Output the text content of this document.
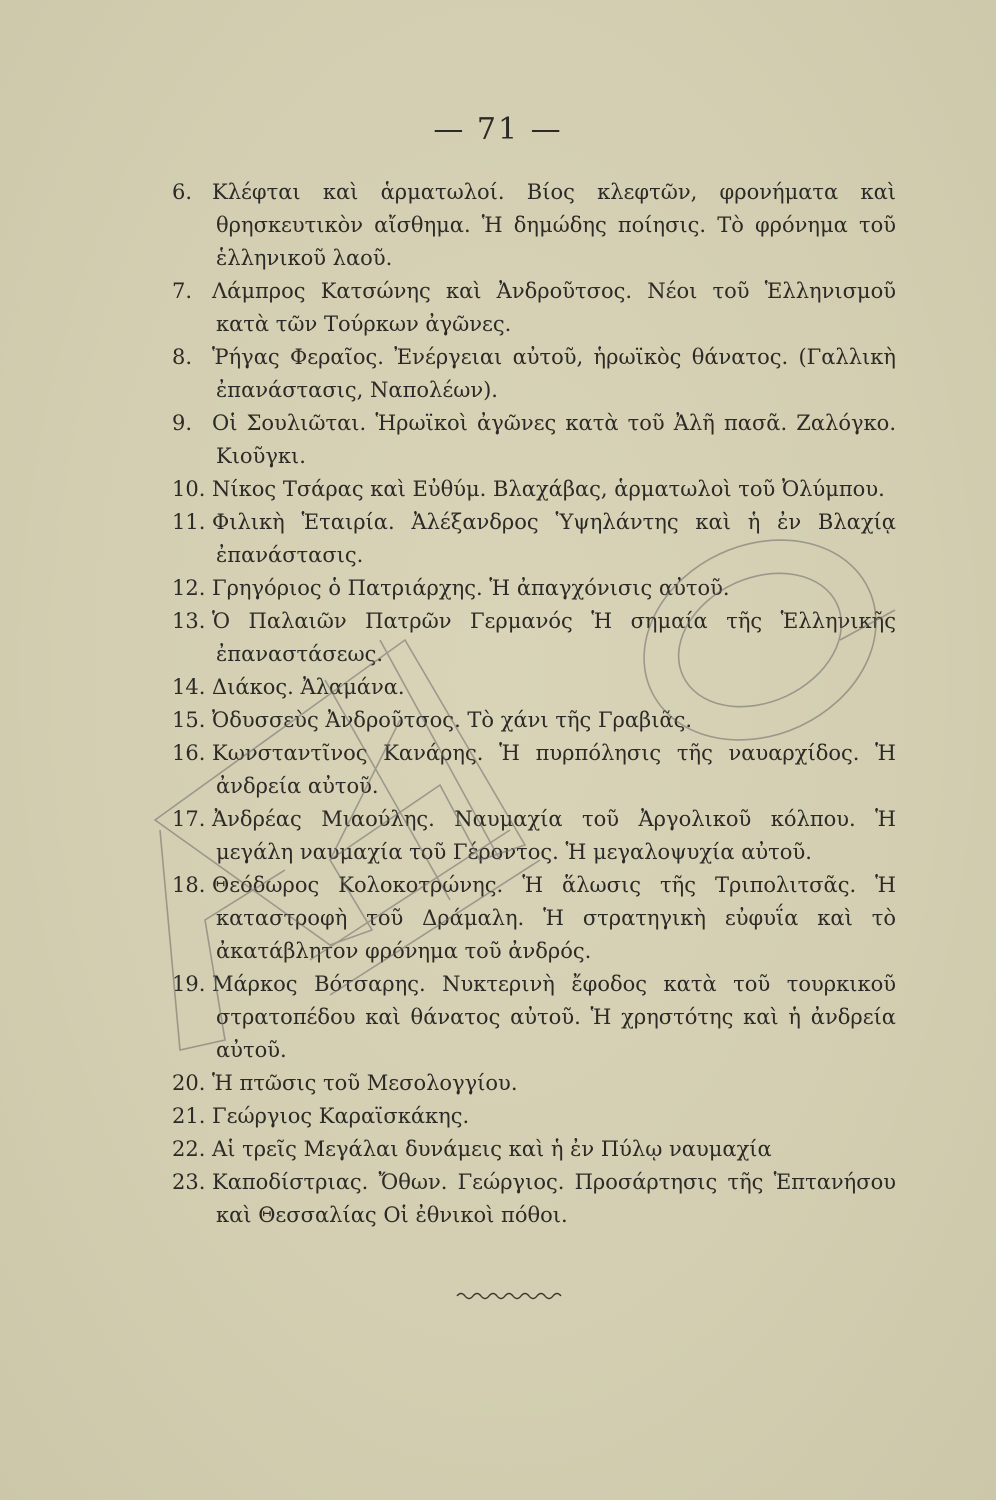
— 71 —
6. Κλέφται καὶ ἁρματωλοί. Βίος κλεφτῶν, φρονήματα καὶ θρησκευτικὸν αἴσθημα. Ἡ δημώδης ποίησις. Τὸ φρόνημα τοῦ ἑλληνικοῦ λαοῦ.
7. Λάμπρος Κατσώνης καὶ Ἀνδροῦτσος. Νέοι τοῦ Ἑλληνισμοῦ κατὰ τῶν Τούρκων ἀγῶνες.
8. Ῥήγας Φεραῖος. Ἐνέργειαι αὐτοῦ, ἡρωϊκὸς θάνατος. (Γαλλικὴ ἐπανάστασις, Ναπολέων).
9. Οἱ Σουλιῶται. Ἡρωϊκοὶ ἀγῶνες κατὰ τοῦ Ἀλῆ πασᾶ. Ζαλόγκο. Κιοῦγκι.
10. Νίκος Τσάρας καὶ Εὐθύμ. Βλαχάβας, ἁρματωλοὶ τοῦ Ὀλύμπου.
11. Φιλικὴ Ἑταιρία. Ἀλέξανδρος Ὑψηλάντης καὶ ἡ ἐν Βλαχίᾳ ἐπανάστασις.
12. Γρηγόριος ὁ Πατριάρχης. Ἡ ἀπαγχόνισις αὐτοῦ.
13. Ὁ Παλαιῶν Πατρῶν Γερμανός Ἡ σημαία τῆς Ἑλληνικῆς ἐπαναστάσεως.
14. Διάκος. Ἀλαμάνα.
15. Ὀδυσσεὺς Ἀνδροῦτσος. Τὸ χάνι τῆς Γραβιᾶς.
16. Κωνσταντῖνος Κανάρης. Ἡ πυρπόλησις τῆς ναυαρχίδος. Ἡ ἀνδρεία αὐτοῦ.
17. Ἀνδρέας Μιαούλης. Ναυμαχία τοῦ Ἀργολικοῦ κόλπου. Ἡ μεγάλη ναυμαχία τοῦ Γέροντος. Ἡ μεγαλοψυχία αὐτοῦ.
18. Θεόδωρος Κολοκοτρώνης. Ἡ ἅλωσις τῆς Τριπολιτσᾶς. Ἡ καταστροφὴ τοῦ Δράμαλη. Ἡ στρατηγικὴ εὐφυΐα καὶ τὸ ἀκατάβλητον φρόνημα τοῦ ἀνδρός.
19. Μάρκος Βότσαρης. Νυκτερινὴ ἔφοδος κατὰ τοῦ τουρκικοῦ στρατοπέδου καὶ θάνατος αὐτοῦ. Ἡ χρηστότης καὶ ἡ ἀνδρεία αὐτοῦ.
20. Ἡ πτῶσις τοῦ Μεσολογγίου.
21. Γεώργιος Καραϊσκάκης.
22. Αἱ τρεῖς Μεγάλαι δυνάμεις καὶ ἡ ἐν Πύλῳ ναυμαχία
23. Καποδίστριας. Ὄθων. Γεώργιος. Προσάρτησις τῆς Ἑπτανήσου καὶ Θεσσαλίας Οἱ ἐθνικοὶ πόθοι.
